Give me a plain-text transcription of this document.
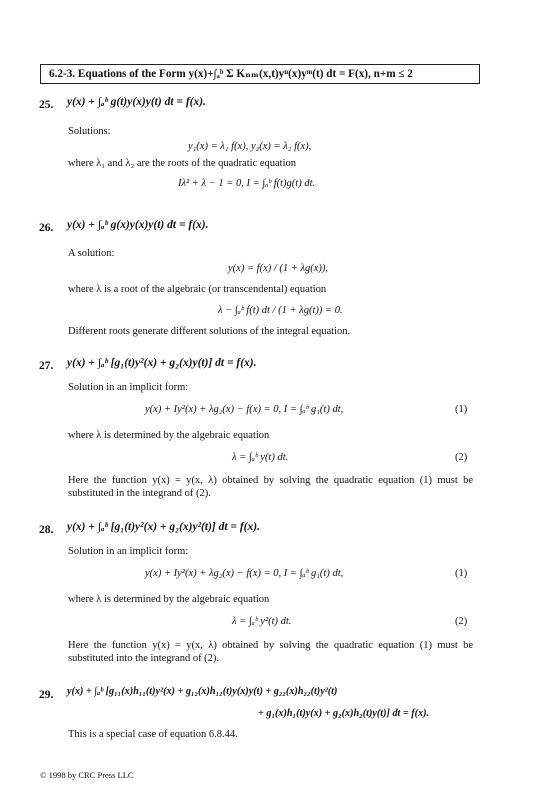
6.2-3. Equations of the Form y(x)+∫ₐᵇ Σ Kₙₘ(x,t)yⁿ(x)yᵐ(t) dt = F(x), n+m ≤ 2
25. y(x) + ∫ₐᵇ g(t)y(x)y(t) dt = f(x).
Solutions:
y₁(x) = λ₁ f(x), y₂(x) = λ₂ f(x),
where λ₁ and λ₂ are the roots of the quadratic equation
Iλ² + λ − 1 = 0, I = ∫ₐᵇ f(t)g(t) dt.
26. y(x) + ∫ₐᵇ g(x)y(x)y(t) dt = f(x).
A solution:
y(x) = f(x) / (1 + λg(x)),
where λ is a root of the algebraic (or transcendental) equation
λ − ∫ₐᵇ f(t) dt / (1 + λg(t)) = 0.
Different roots generate different solutions of the integral equation.
27. y(x) + ∫ₐᵇ [g₁(t)y²(x) + g₂(x)y(t)] dt = f(x).
Solution in an implicit form:
y(x) + Iy²(x) + λg₂(x) − f(x) = 0, I = ∫ₐᵇ g₁(t) dt,	(1)
where λ is determined by the algebraic equation
λ = ∫ₐᵇ y(t) dt.	(2)
Here the function y(x) = y(x, λ) obtained by solving the quadratic equation (1) must be substituted in the integrand of (2).
28. y(x) + ∫ₐᵇ [g₁(t)y²(x) + g₂(x)y²(t)] dt = f(x).
Solution in an implicit form:
y(x) + Iy²(x) + λg₂(x) − f(x) = 0, I = ∫ₐᵇ g₁(t) dt,	(1)
where λ is determined by the algebraic equation
λ = ∫ₐᵇ y²(t) dt.	(2)
Here the function y(x) = y(x, λ) obtained by solving the quadratic equation (1) must be substituted into the integrand of (2).
29. y(x) + ∫ₐᵇ [g₁₁(x)h₁₁(t)y²(x) + g₁₂(x)h₁₂(t)y(x)y(t) + g₂₂(x)h₂₂(t)y²(t)
+ g₁(x)h₁(t)y(x) + g₂(x)h₂(t)y(t)] dt = f(x).
This is a special case of equation 6.8.44.
© 1998 by CRC Press LLC
